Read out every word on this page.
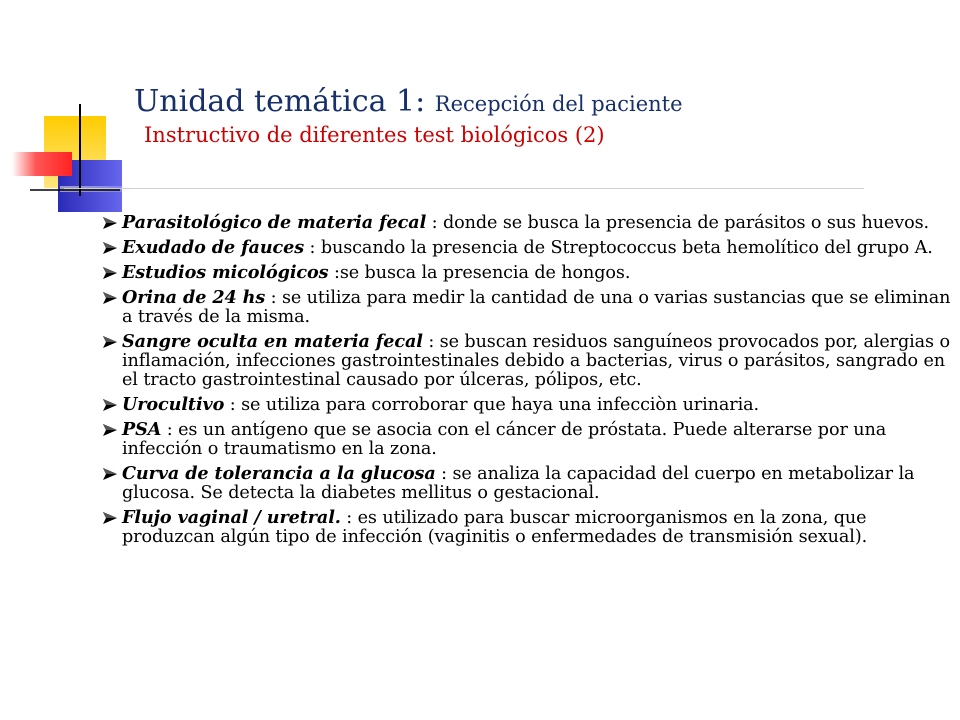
Unidad temática 1: Recepción del paciente
Instructivo de diferentes test biológicos (2)
Parasitológico de materia fecal : donde se busca la presencia de parásitos o sus huevos.
Exudado de fauces : buscando la presencia de Streptococcus beta hemolítico del grupo A.
Estudios micológicos :se busca la presencia de hongos.
Orina de 24 hs : se utiliza para medir la cantidad de una o varias sustancias que se eliminan a través de la misma.
Sangre oculta en materia fecal : se buscan residuos sanguíneos provocados por, alergias o inflamación, infecciones gastrointestinales debido a bacterias, virus o parásitos, sangrado en el tracto gastrointestinal causado por úlceras, pólipos, etc.
Urocultivo : se utiliza para corroborar que haya una infecciòn urinaria.
PSA : es un antígeno que se asocia con el cáncer de próstata. Puede alterarse por una infección o traumatismo en la zona.
Curva de tolerancia a la glucosa : se analiza la capacidad del cuerpo en metabolizar la glucosa. Se detecta la diabetes mellitus o gestacional.
Flujo vaginal / uretral. : es utilizado para buscar microorganismos en la zona, que produzcan algún tipo de infección (vaginitis o enfermedades de transmisión sexual).
